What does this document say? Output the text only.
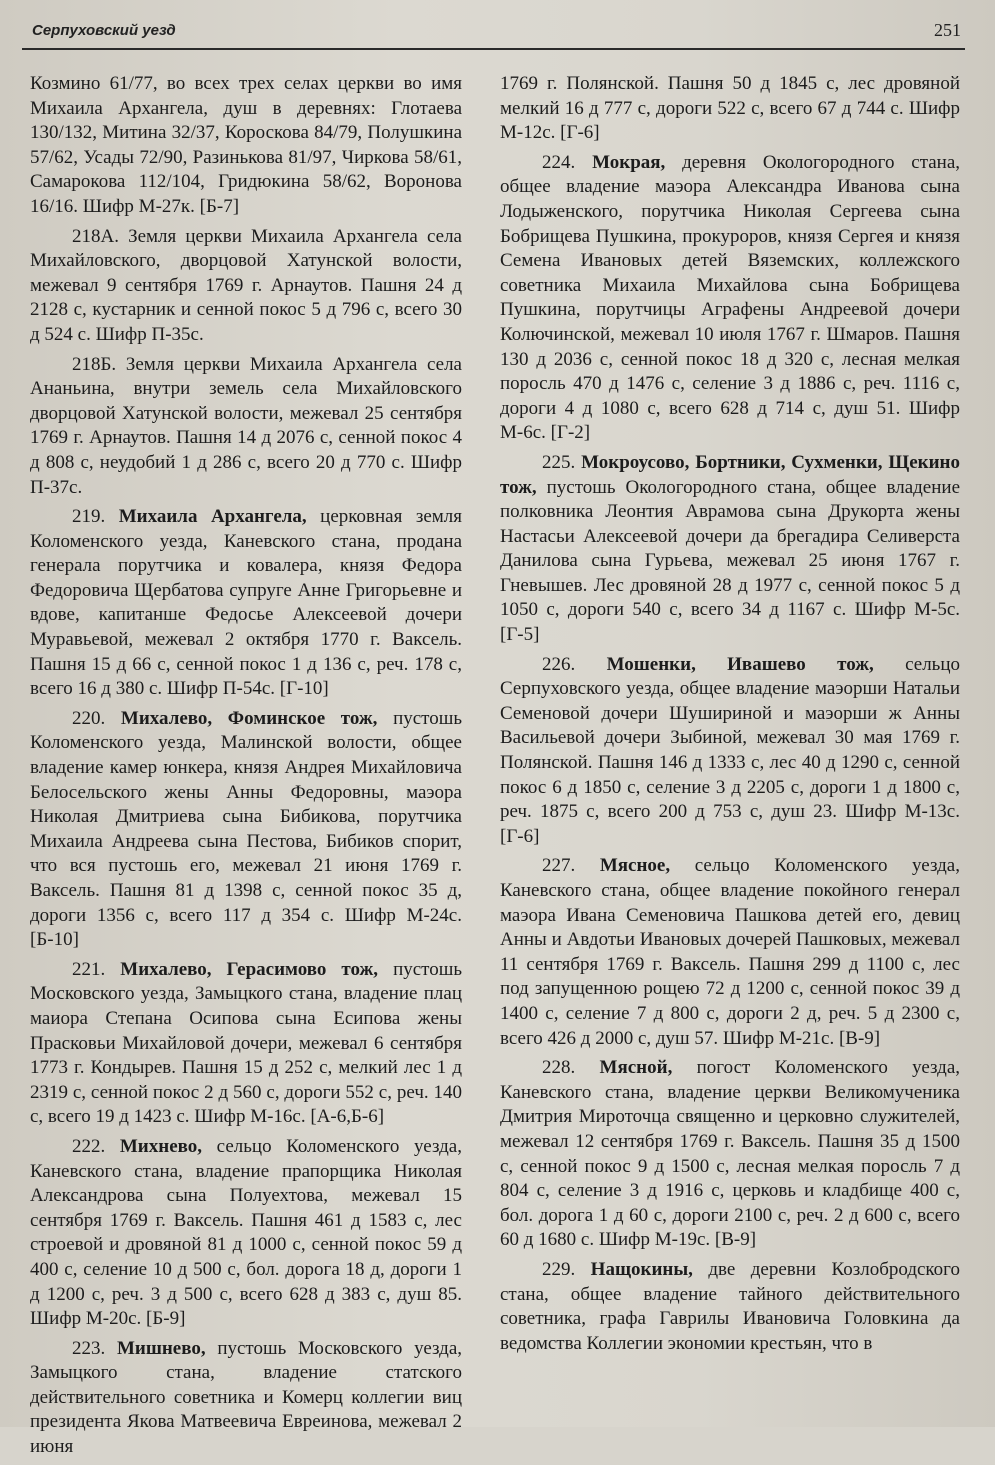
Серпуховский уезд	251

Козмино 61/77, во всех трех селах церкви во имя Михаила Архангела, душ в деревнях: Глотаева 130/132, Митина 32/37, Короскова 84/79, Полушкина 57/62, Усады 72/90, Разинькова 81/97, Чиркова 58/61, Самарокова 112/104, Гридюкина 58/62, Воронова 16/16. Шифр М-27к. [Б-7]

218А. Земля церкви Михаила Архангела села Михайловского, дворцовой Хатунской волости, межевал 9 сентября 1769 г. Арнаутов. Пашня 24 д 2128 с, кустарник и сенной покос 5 д 796 с, всего 30 д 524 с. Шифр П-35с.

218Б. Земля церкви Михаила Архангела села Ананьина, внутри земель села Михайловского дворцовой Хатунской волости, межевал 25 сентября 1769 г. Арнаутов. Пашня 14 д 2076 с, сенной покос 4 д 808 с, неудобий 1 д 286 с, всего 20 д 770 с. Шифр П-37с.

219. Михаила Архангела, церковная земля Коломенского уезда, Каневского стана, продана генерала порутчика и ковалера, князя Федора Федоровича Щербатова супруге Анне Григорьевне и вдове, капитанше Федосье Алексеевой дочери Муравьевой, межевал 2 октября 1770 г. Ваксель. Пашня 15 д 66 с, сенной покос 1 д 136 с, реч. 178 с, всего 16 д 380 с. Шифр П-54с. [Г-10]

220. Михалево, Фоминское тож, пустошь Коломенского уезда, Малинской волости, общее владение камер юнкера, князя Андрея Михайловича Белосельского жены Анны Федоровны, маэора Николая Дмитриева сына Бибикова, порутчика Михаила Андреева сына Пестова, Бибиков спорит, что вся пустошь его, межевал 21 июня 1769 г. Ваксель. Пашня 81 д 1398 с, сенной покос 35 д, дороги 1356 с, всего 117 д 354 с. Шифр М-24с. [Б-10]

221. Михалево, Герасимово тож, пустошь Московского уезда, Замыцкого стана, владение плац маиора Степана Осипова сына Есипова жены Прасковьи Михайловой дочери, межевал 6 сентября 1773 г. Кондырев. Пашня 15 д 252 с, мелкий лес 1 д 2319 с, сенной покос 2 д 560 с, дороги 552 с, реч. 140 с, всего 19 д 1423 с. Шифр М-16с. [А-6,Б-6]

222. Михнево, сельцо Коломенского уезда, Каневского стана, владение прапорщика Николая Александрова сына Полуехтова, межевал 15 сентября 1769 г. Ваксель. Пашня 461 д 1583 с, лес строевой и дровяной 81 д 1000 с, сенной покос 59 д 400 с, селение 10 д 500 с, бол. дорога 18 д, дороги 1 д 1200 с, реч. 3 д 500 с, всего 628 д 383 с, душ 85. Шифр М-20с. [Б-9]

223. Мишнево, пустошь Московского уезда, Замыцкого стана, владение статского действительного советника и Комерц коллегии виц президента Якова Матвеевича Евреинова, межевал 2 июня

1769 г. Полянской. Пашня 50 д 1845 с, лес дровяной мелкий 16 д 777 с, дороги 522 с, всего 67 д 744 с. Шифр М-12с. [Г-6]

224. Мокрая, деревня Окологородного стана, общее владение маэора Александра Иванова сына Лодыженского, порутчика Николая Сергеева сына Бобрищева Пушкина, прокуроров, князя Сергея и князя Семена Ивановых детей Вяземских, коллежского советника Михаила Михайлова сына Бобрищева Пушкина, порутчицы Аграфены Андреевой дочери Колючинской, межевал 10 июля 1767 г. Шмаров. Пашня 130 д 2036 с, сенной покос 18 д 320 с, лесная мелкая поросль 470 д 1476 с, селение 3 д 1886 с, реч. 1116 с, дороги 4 д 1080 с, всего 628 д 714 с, душ 51. Шифр М-6с. [Г-2]

225. Мокроусово, Бортники, Сухменки, Щекино тож, пустошь Окологородного стана, общее владение полковника Леонтия Аврамова сына Друкорта жены Настасьи Алексеевой дочери да брегадира Селиверста Данилова сына Гурьева, межевал 25 июня 1767 г. Гневышев. Лес дровяной 28 д 1977 с, сенной покос 5 д 1050 с, дороги 540 с, всего 34 д 1167 с. Шифр М-5с. [Г-5]

226. Мошенки, Ивашево тож, сельцо Серпуховского уезда, общее владение маэорши Натальи Семеновой дочери Шушириной и маэорши ж Анны Васильевой дочери Зыбиной, межевал 30 мая 1769 г. Полянской. Пашня 146 д 1333 с, лес 40 д 1290 с, сенной покос 6 д 1850 с, селение 3 д 2205 с, дороги 1 д 1800 с, реч. 1875 с, всего 200 д 753 с, душ 23. Шифр М-13с. [Г-6]

227. Мясное, сельцо Коломенского уезда, Каневского стана, общее владение покойного генерал маэора Ивана Семеновича Пашкова детей его, девиц Анны и Авдотьи Ивановых дочерей Пашковых, межевал 11 сентября 1769 г. Ваксель. Пашня 299 д 1100 с, лес под запущенною рощею 72 д 1200 с, сенной покос 39 д 1400 с, селение 7 д 800 с, дороги 2 д, реч. 5 д 2300 с, всего 426 д 2000 с, душ 57. Шифр М-21с. [В-9]

228. Мясной, погост Коломенского уезда, Каневского стана, владение церкви Великомученика Дмитрия Мироточца священно и церковно служителей, межевал 12 сентября 1769 г. Ваксель. Пашня 35 д 1500 с, сенной покос 9 д 1500 с, лесная мелкая поросль 7 д 804 с, селение 3 д 1916 с, церковь и кладбище 400 с, бол. дорога 1 д 60 с, дороги 2100 с, реч. 2 д 600 с, всего 60 д 1680 с. Шифр М-19с. [В-9]

229. Нащокины, две деревни Козлобродского стана, общее владение тайного действительного советника, графа Гаврилы Ивановича Головкина да ведомства Коллегии экономии крестьян, что в
